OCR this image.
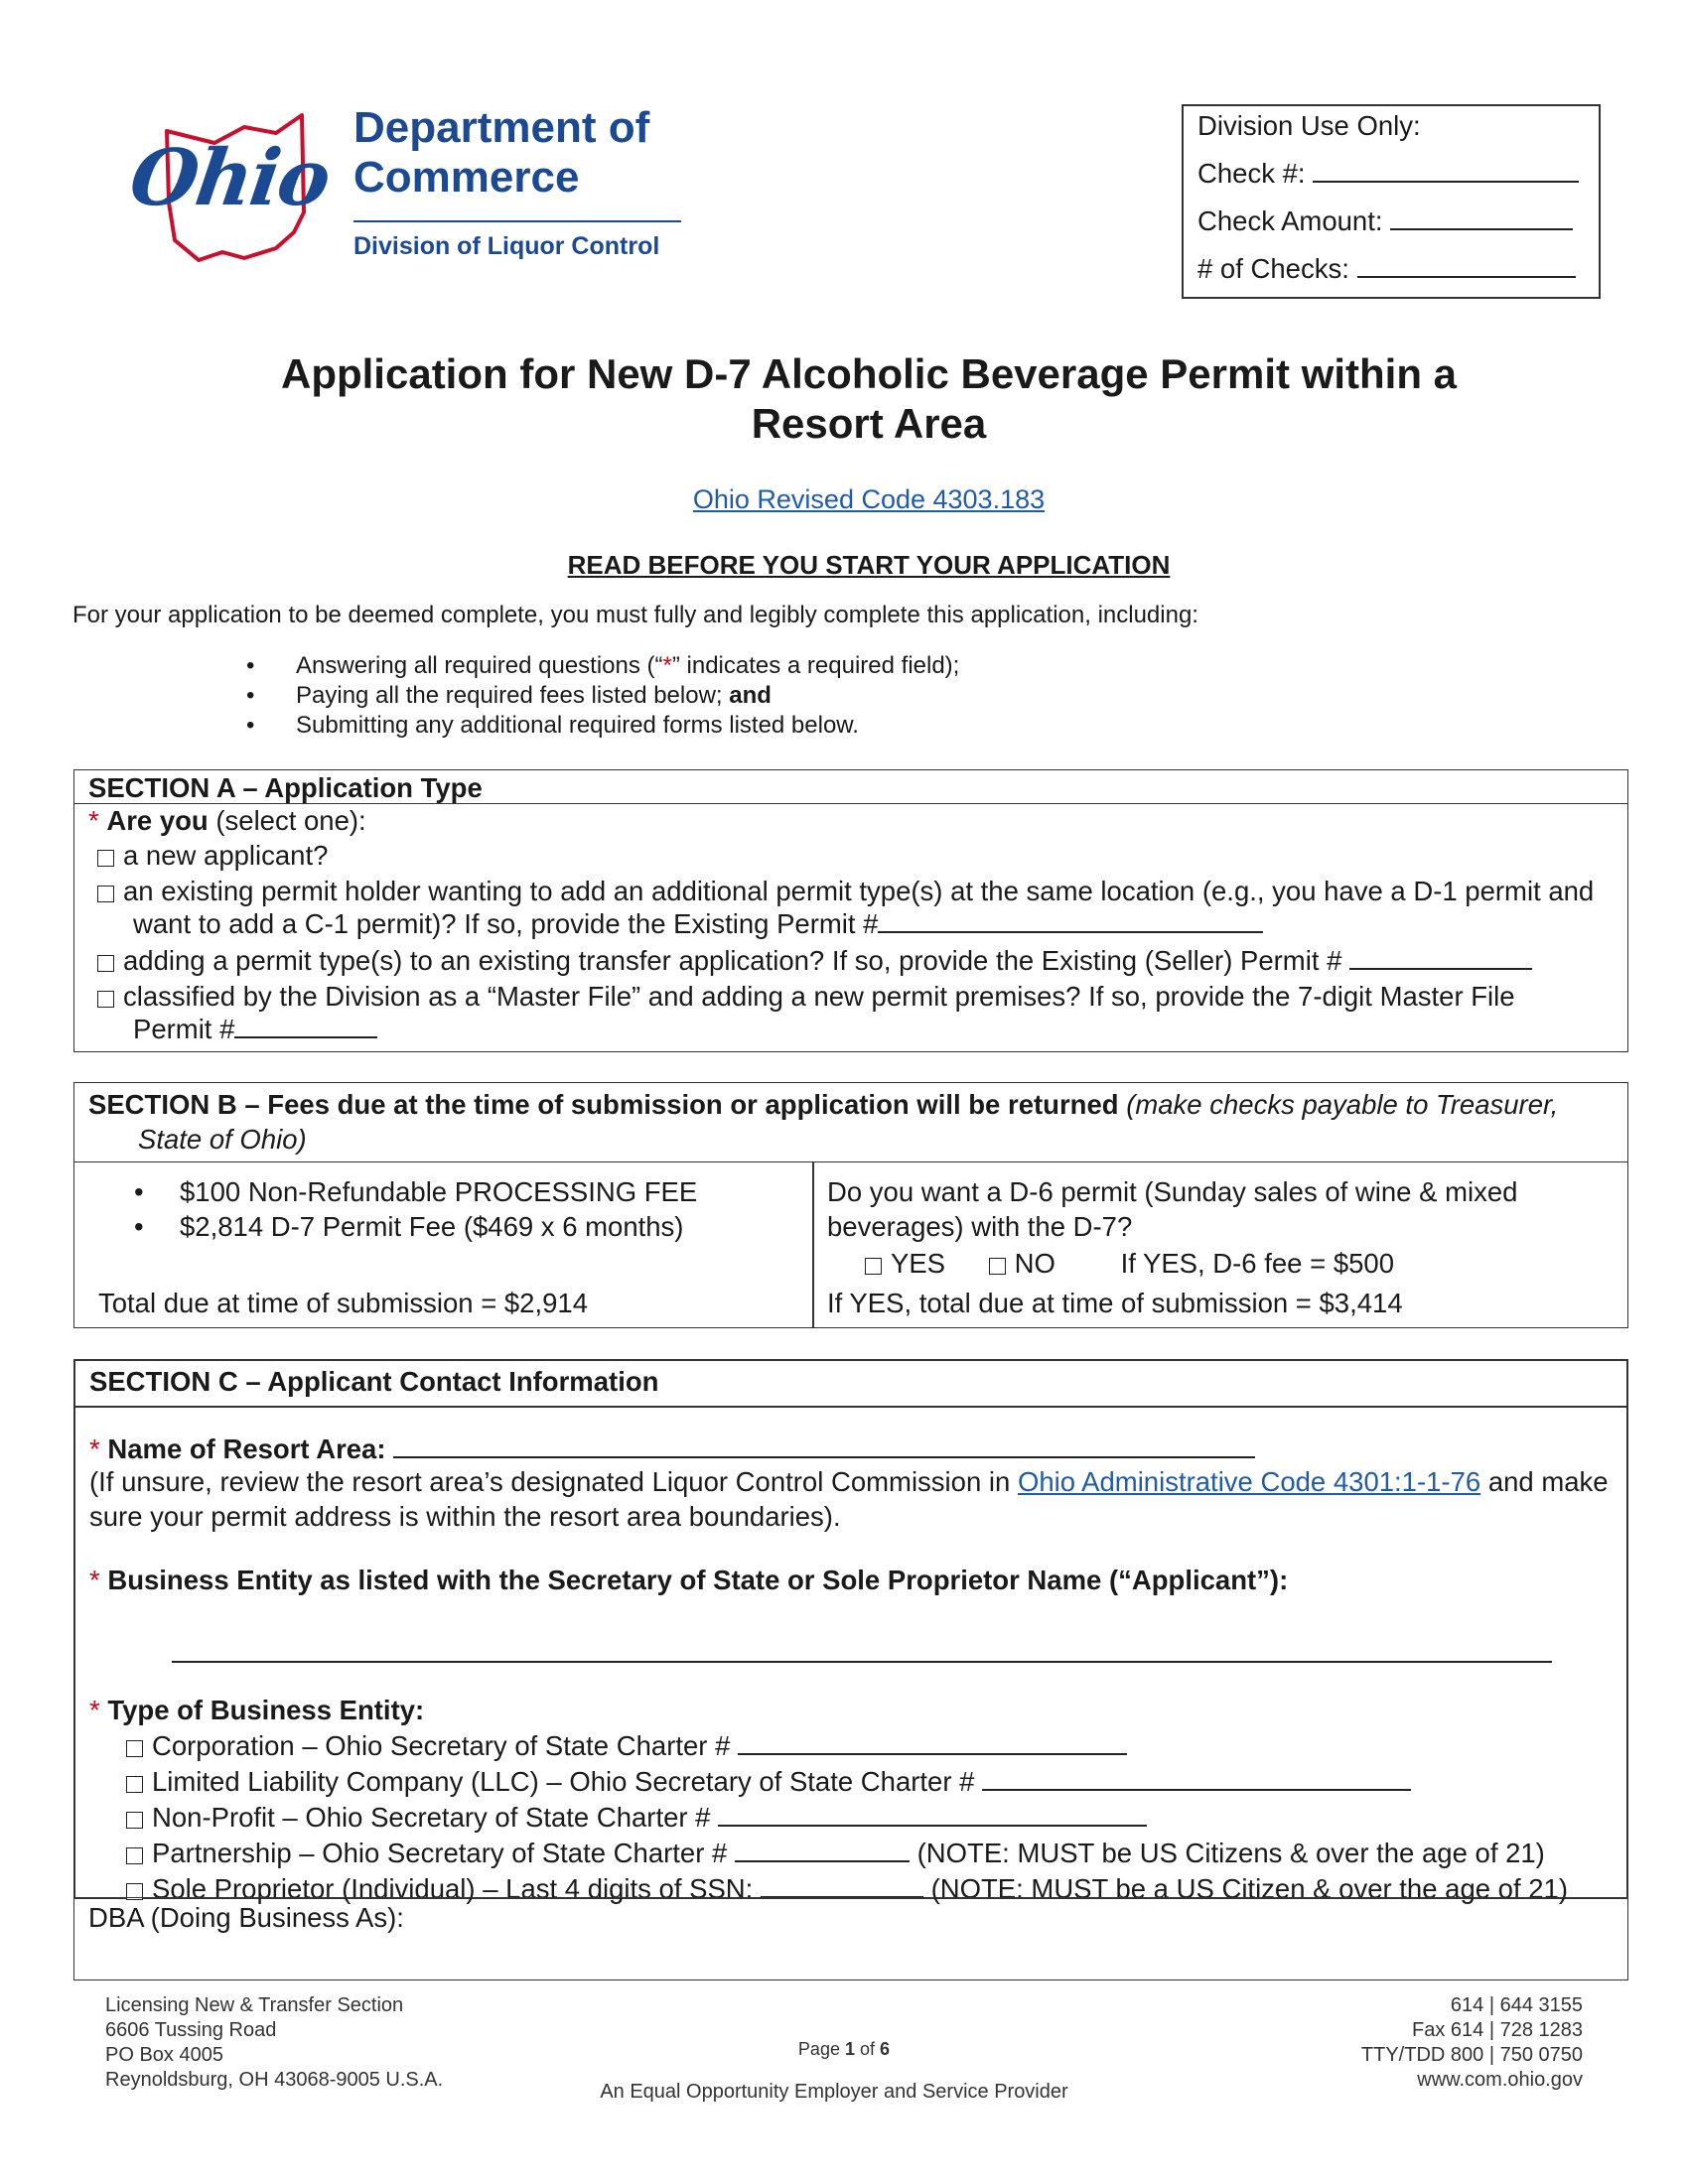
Ohio
Department of
Commerce
Division of Liquor Control
Division Use Only:
Check #:
Check Amount:
# of Checks:
Application for New D-7 Alcoholic Beverage Permit within a
Resort Area
Ohio Revised Code 4303.183
READ BEFORE YOU START YOUR APPLICATION
For your application to be deemed complete, you must fully and legibly complete this application, including:
• Answering all required questions (“*” indicates a required field);
• Paying all the required fees listed below; and
• Submitting any additional required forms listed below.
SECTION A – Application Type
* Are you (select one):
a new applicant?
an existing permit holder wanting to add an additional permit type(s) at the same location (e.g., you have a D-1 permit and
want to add a C-1 permit)? If so, provide the Existing Permit #
adding a permit type(s) to an existing transfer application? If so, provide the Existing (Seller) Permit #
classified by the Division as a “Master File” and adding a new permit premises? If so, provide the 7-digit Master File
Permit #
SECTION B – Fees due at the time of submission or application will be returned (make checks payable to Treasurer,
State of Ohio)
• $100 Non-Refundable PROCESSING FEE
• $2,814 D-7 Permit Fee ($469 x 6 months)
Total due at time of submission = $2,914
Do you want a D-6 permit (Sunday sales of wine & mixed
beverages) with the D-7?
YES	NO If YES, D-6 fee = $500
If YES, total due at time of submission = $3,414
SECTION C – Applicant Contact Information
* Name of Resort Area:
(If unsure, review the resort area’s designated Liquor Control Commission in Ohio Administrative Code 4301:1-1-76 and make
sure your permit address is within the resort area boundaries).
* Business Entity as listed with the Secretary of State or Sole Proprietor Name (“Applicant”):
* Type of Business Entity:
Corporation – Ohio Secretary of State Charter #
Limited Liability Company (LLC) – Ohio Secretary of State Charter #
Non-Profit – Ohio Secretary of State Charter #
Partnership – Ohio Secretary of State Charter #	(NOTE: MUST be US Citizens & over the age of 21)
Sole Proprietor (Individual) – Last 4 digits of SSN:	(NOTE: MUST be a US Citizen & over the age of 21)
DBA (Doing Business As):
Licensing New & Transfer Section
6606 Tussing Road
PO Box 4005
Reynoldsburg, OH 43068-9005 U.S.A.
Page 1 of 6
An Equal Opportunity Employer and Service Provider
614 | 644 3155
Fax 614 | 728 1283
TTY/TDD 800 | 750 0750
www.com.ohio.gov
